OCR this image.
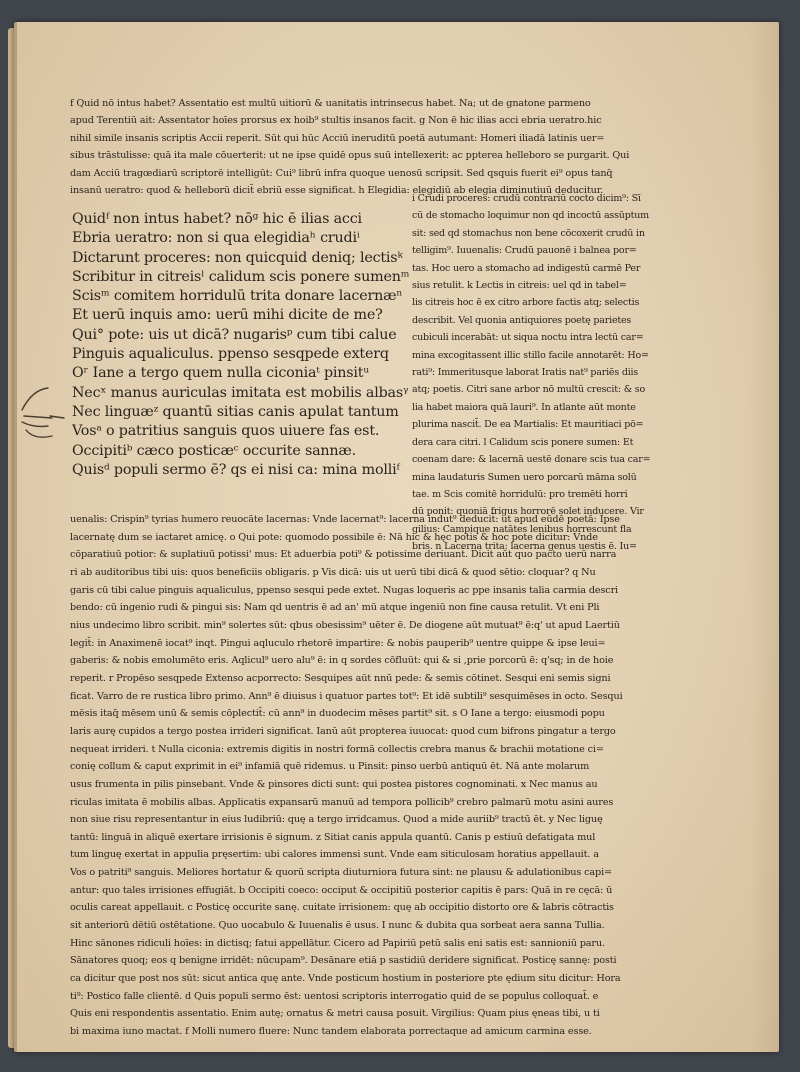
f Quid nō intus habet? Assentatio est multū uitiorū & uanitatis intrinsecus habet. Na; ut de gnatone parmeno
apud Terentiū ait: Assentator hoīes prorsus ex hoib⁹ stultis insanos facit. g Non ē hic ilias acci ebria ueratro.hic
nihil simile insanis scriptis Accii reperit. Sūt qui hūc Acciū ineruditū poetā autumant: Homeri iliadā latinis uer=
sibus trāstulisse: quā ita male cōuerterit: ut ne ipse quidē opus suū intellexerit: ac ppterea helleboro se purgarit. Qui
dam Acciū tragœdiarū scriptorē intelligūt: Cui⁹ librū infra quoque uenosū scripsit. Sed qsquis fuerit ei⁹ opus tanq̄
insanū ueratro: quod & helleborū dicit̄ ebriū esse significat. h Elegidia: elegidiū ab elegia diminutiuū deducitur.
Quidᶠ non intus habet? nōᵍ hic ē ilias acci
Ebria ueratro: non si qua elegidiaʰ crudiⁱ
Dictarunt proceres: non quicquid deniq; lectisᵏ
Scribitur in citreisˡ calidum scis ponere sumenᵐ
Scisᵐ comitem horridulū trita donare lacernæⁿ
Et uerū inquis amo: uerū mihi dicite de me?
Qui° pote: uis ut dicā? nugarisᵖ cum tibi calue
Pinguis aqualiculus. ppenso sesqpede exterq
Oʳ Iane a tergo quem nulla ciconiaᵗ pinsitᵘ
Necˣ manus auriculas imitata est mobilis albasᵞ
Nec linguæᶻ quantū sitias canis apulat tantum
Vosᵃ o patritius sanguis quos uiuere fas est.
Occipitiᵇ cæco posticæᶜ occurite sannæ.
Quisᵈ populi sermo ē? qs ei nisi ca: mina molliᶠ
i Crudi proceres: crudū contrariū cocto dicim⁹: Sī
cū de stomacho loquimur non qd incoctū assūptum
sit: sed qd stomachus non bene cōcoxerit crudū in
telligim⁹. Iuuenalis: Crudū pauonē i balnea por=
tas. Hoc uero a stomacho ad indigestū carmē Per
sius retulit. k Lectis in citreis: uel qd in tabel=
lis citreis hoc ē ex citro arbore factis atq; selectis
describit. Vel quonia antiquiores poetę parietes
cubiculi incerabāt: ut siqua noctu intra lectū car=
mina excogitassent illic stillo facile annotarēt: Ho=
rati⁹: Immeritusque laborat Iratis nat⁹ pariēs diis
atq; poetis. Citri sane arbor nō multū crescit: & so
lia habet maiora quā lauri⁹. In atlante aūt monte
plurima nascit̄. De ea Martialis: Et mauritiaci pō=
dera cara citri. l Calidum scis ponere sumen: Et
coenam dare: & lacernā uestē donare scis tua car=
mina laudaturis Sumen uero porcarū māma solū
tae. m Scis comitē horridulū: pro tremēti horri
dū ponit: quoniā frigus horrorē solet inducere. Vir
gilius: Campique natātes lenibus horrescunt fla
bris. n Lacerna trita: lacerna genus uestis ē. Iu=
uenalis: Crispin⁹ tyrias humero reuocāte lacernas: Vnde lacernat⁹: lacerna indut⁹ deducit̄: ut apud eūdē poetā: Ipse
lacernatę dum se iactaret amicę. o Qui pote: quomodo possibile ē: Nā hic & hęc potis & hoc pote dicitur: Vnde
cōparatiuū potior: & suplatiuū potissi' mus: Et aduerbia poti⁹ & potissime deriuant̄. Dicit aūt quo pacto uerū narra
ri ab auditoribus tibi uis: quos beneficiis obligaris. p Vis dicā: uis ut uerū tibi dicā & quod sētio: cloquar? q Nu
garis cū tibi calue pinguis aqualiculus, ppenso sesqui pede extet. Nugas loqueris ac ppe insanis talia carmia descri
bendo: cū ingenio rudi & pingui sis: Nam qd uentris ē ad an' mū atque ingeniū non fine causa retulit. Vt eni Pli
nius undecimo libro scribit. min⁹ solertes sūt: qbus obesissim⁹ uēter ē. De diogene aūt mutuat⁹ ē:q' ut apud Laertiū
legit̄: in Anaximenē iocat⁹ inqt. Pingui aqluculo rhetorē impartire: & nobis pauperib⁹ uentre quippe & ipse leui=
gaberis: & nobis emolumēto eris. Aqlicul⁹ uero alu⁹ ē: in q sordes cōfluūt: qui & si ,prie porcorū ē: q'sq; in de hoie
reperit. r Propēso sesqpede Extenso acporrecto: Sesquipes aūt nnū pede: & semis cōtinet. Sesqui eni semis signi
ficat. Varro de re rustica libro primo. Ann⁹ ē diuisus i quatuor partes tot⁹: Et idē subtili⁹ sesquimēses in octo. Sesqui
mēsis itaq̄ mēsem unū & semis cōplectit̄: cū ann⁹ in duodecim mēses partit⁹ sit. s O Iane a tergo: eiusmodi popu
laris aurę cupidos a tergo postea irrideri significat. Ianū aūt propterea iuuocat: quod cum bifrons pingatur a tergo
nequeat irrideri. t Nulla ciconia: extremis digitis in nostri formā collectis crebra manus & brachii motatione ci=
conię collum & caput exprimit in ei⁹ infamiā quē ridemus. u Pinsit: pinso uerbū antiquū ēt. Nā ante molarum
usus frumenta in pilis pinsebant. Vnde & pinsores dicti sunt: qui postea pistores cognominati. x Nec manus au
riculas imitata ē mobilis albas. Applicatis expansarū manuū ad tempora pollicib⁹ crebro palmarū motu asini aures
non siue risu representantur in eius ludibriū: quę a tergo irridcamus. Quod a mide auriib⁹ tractū ēt. y Nec liguę
tantū: linguā in aliquē exertare irrisionis ē signum. z Sitiat canis appula quantū. Canis p estiuū defatigata mul
tum linguę exertat in appulia pręsertim: ubi calores immensi sunt. Vnde eam siticulosam horatius appellauit. a
Vos o patriti⁹ sanguis. Meliores hortatur & quorū scripta diuturniora futura sint: ne plausu & adulationibus capi=
antur: quo tales irrisiones effugiāt. b Occipiti coeco: occiput & occipitiū posterior capitis ē pars: Quā in re cęcā: ū
oculis careat appellauit. c Posticę occurite sanę. cuitate irrisionem: quę ab occipitio distorto ore & labris cōtractis
sit anteriorū dētiū ostētatione. Quo uocabulo & Iuuenalis ē usus. I nunc & dubita qua sorbeat aera sanna Tullia.
Hinc sānones ridiculi hoīes: in dictisq; fatui appellātur. Cicero ad Papiriū petū salis eni satis est: sannioniū paru.
Sānatores quoq; eos q benigne irridēt: nūcupam⁹. Desānare etiā p sastidiū deridere significat. Posticę sannę: posti
ca dicitur que post nos sūt: sicut antica quę ante. Vnde posticum hostium in posteriore pte ędium situ dicitur: Hora
ti⁹: Postico falle clientē. d Quis populi sermo ēst: uentosi scriptoris interrogatio quid de se populus colloquat̄. e
Quis eni respondentis assentatio. Enim autę; ornatus & metri causa posuit. Virgilius: Quam pius ęneas tibi, u ti
bi maxima iuno mactat. f Molli numero fluere: Nunc tandem elaborata porrectaque ad amicum carmina esse.
